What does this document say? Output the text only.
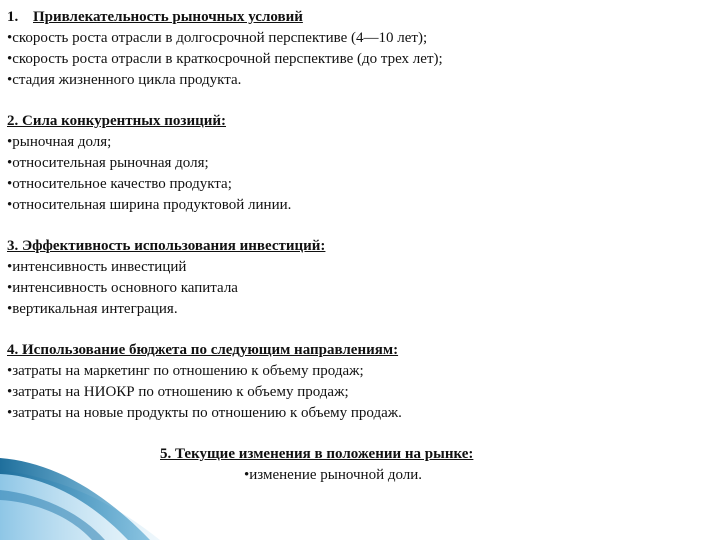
1. Привлекательность рыночных условий
•скорость роста отрасли в долгосрочной перспективе (4—10 лет);
•скорость роста отрасли в краткосрочной перспективе (до трех лет);
•стадия жизненного цикла продукта.
2. Сила конкурентных позиций:
•рыночная доля;
•относительная рыночная доля;
•относительное качество продукта;
•относительная ширина продуктовой линии.
3. Эффективность использования инвестиций:
•интенсивность инвестиций
•интенсивность основного капитала
•вертикальная интеграция.
4. Использование бюджета по следующим направлениям:
•затраты на маркетинг по отношению к объему продаж;
•затраты на НИОКР по отношению к объему продаж;
•затраты на новые продукты по отношению к объему продаж.
5. Текущие изменения в положении на рынке:
•изменение рыночной доли.
